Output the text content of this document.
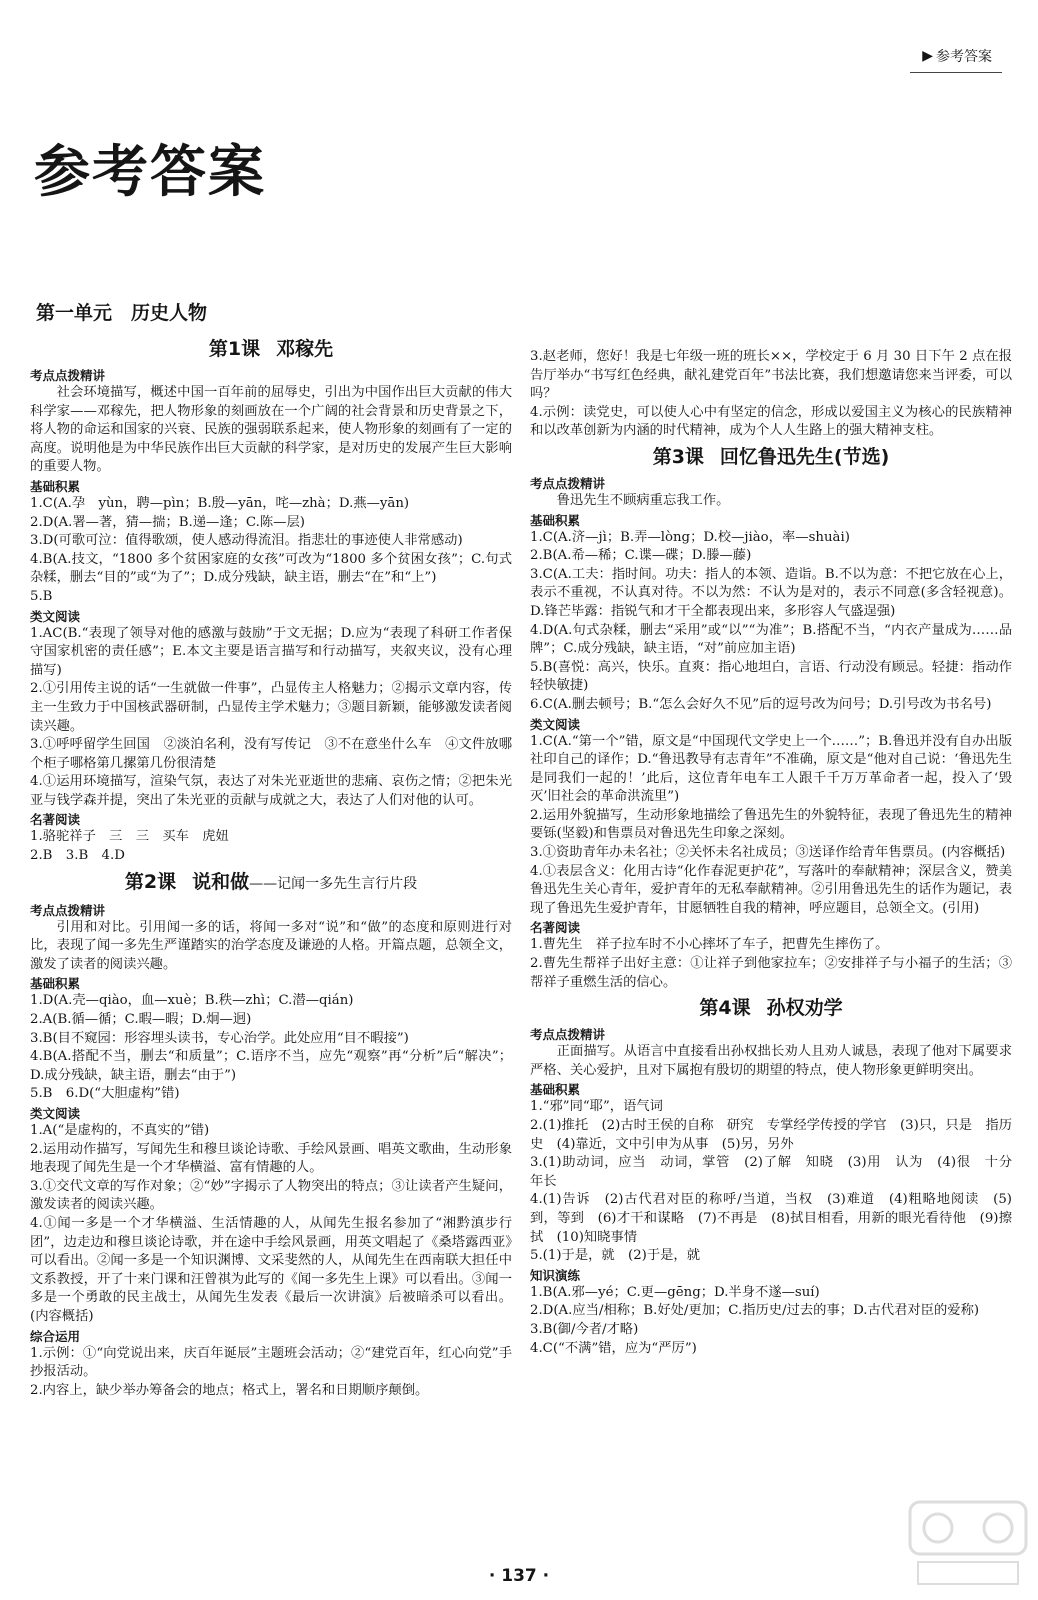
▶ 参考答案
参考答案
第一单元　历史人物
第1课 邓稼先
考点点拨精讲

社会环境描写，概述中国一百年前的屈辱史，引出为中国作出巨大贡献的伟大科学家——邓稼先，把人物形象的刻画放在一个广阔的社会背景和历史背景之下，将人物的命运和国家的兴衰、民族的强弱联系起来，使人物形象的刻画有了一定的高度。说明他是为中华民族作出巨大贡献的科学家，是对历史的发展产生巨大影响的重要人物。

基础积累

1.C(A.孕　yùn，聘—pìn；B.殷—yān，咤—zhà；D.燕—yān)

2.D(A.署—著，猜—揣；B.递—逢；C.陈—层)

3.D(可歌可泣：值得歌颂，使人感动得流泪。指悲壮的事迹使人非常感动)

4.B(A.技文，“1800 多个贫困家庭的女孩”可改为“1800 多个贫困女孩”；C.句式杂糅，删去“目的”或“为了”；D.成分残缺，缺主语，删去“在”和“上”)

5.B

类文阅读

1.AC(B.“表现了领导对他的感激与鼓励”于文无据；D.应为“表现了科研工作者保守国家机密的责任感”；E.本文主要是语言描写和行动描写，夹叙夹议，没有心理描写)

2.①引用传主说的话“一生就做一件事”，凸显传主人格魅力；②揭示文章内容，传主一生致力于中国核武器研制，凸显传主学术魅力；③题目新颖，能够激发读者阅读兴趣。

3.①呼呼留学生回国　②淡泊名利，没有写传记　③不在意坐什么车　④文件放哪个柜子哪格第几摞第几份很清楚

4.①运用环境描写，渲染气氛，表达了对朱光亚逝世的悲痛、哀伤之情；②把朱光亚与钱学森并提，突出了朱光亚的贡献与成就之大，表达了人们对他的认可。

名著阅读

1.骆驼祥子　三　三　买车　虎妞

2.B　3.B　4.D

第2课 说和做——记闻一多先生言行片段
考点点拨精讲

引用和对比。引用闻一多的话，将闻一多对“说”和“做”的态度和原则进行对比，表现了闻一多先生严谨踏实的治学态度及谦逊的人格。开篇点题，总领全文，激发了读者的阅读兴趣。

基础积累

1.D(A.壳—qiào，血—xuè；B.秩—zhì；C.潜—qián)

2.A(B.循—循；C.暇—暇；D.炯—迥)

3.B(目不窥园：形容埋头读书，专心治学。此处应用“目不暇接”)

4.B(A.搭配不当，删去“和质量”；C.语序不当，应先“观察”再“分析”后“解决”；D.成分残缺，缺主语，删去“由于”)

5.B　6.D(“大胆虚构”错)

类文阅读

1.A(“是虚构的，不真实的”错)

2.运用动作描写，写闻先生和穆旦谈论诗歌、手绘风景画、唱英文歌曲，生动形象地表现了闻先生是一个才华横溢、富有情趣的人。

3.①交代文章的写作对象；②“妙”字揭示了人物突出的特点；③让读者产生疑问，激发读者的阅读兴趣。

4.①闻一多是一个才华横溢、生活情趣的人，从闻先生报名参加了“湘黔滇步行团”，边走边和穆旦谈论诗歌，并在途中手绘风景画，用英文唱起了《桑塔露西亚》可以看出。②闻一多是一个知识渊博、文采斐然的人，从闻先生在西南联大担任中文系教授，开了十来门课和汪曾祺为此写的《闻一多先生上课》可以看出。③闻一多是一个勇敢的民主战士，从闻先生发表《最后一次讲演》后被暗杀可以看出。(内容概括)

综合运用

1.示例：①“向党说出来，庆百年诞辰”主题班会活动；②“建党百年，红心向党”手抄报活动。

2.内容上，缺少举办筹备会的地点；格式上，署名和日期顺序颠倒。

3.赵老师，您好！我是七年级一班的班长××，学校定于 6 月 30 日下午 2 点在报告厅举办“书写红色经典，献礼建党百年”书法比赛，我们想邀请您来当评委，可以吗？

4.示例：读党史，可以使人心中有坚定的信念，形成以爱国主义为核心的民族精神和以改革创新为内涵的时代精神，成为个人人生路上的强大精神支柱。

第3课 回忆鲁迅先生(节选)
考点点拨精讲

鲁迅先生不顾病重忘我工作。

基础积累

1.C(A.济—jì；B.弄—lòng；D.校—jiào，率—shuài)

2.B(A.希—稀；C.谍—碟；D.滕—藤)

3.C(A.工夫：指时间。功夫：指人的本领、造诣。B.不以为意：不把它放在心上，表示不重视，不认真对待。不以为然：不认为是对的，表示不同意(多含轻视意)。D.锋芒毕露：指锐气和才干全都表现出来，多形容人气盛逞强)

4.D(A.句式杂糅，删去“采用”或“以”“为准”；B.搭配不当，“内衣产量成为……品牌”；C.成分残缺，缺主语，“对”前应加主语)

5.B(喜悦：高兴，快乐。直爽：指心地坦白，言语、行动没有顾忌。轻捷：指动作轻快敏捷)

6.C(A.删去顿号；B.“怎么会好久不见”后的逗号改为问号；D.引号改为书名号)

类文阅读

1.C(A.“第一个”错，原文是“中国现代文学史上一个……”；B.鲁迅并没有自办出版社印自己的译作；D.“鲁迅教导有志青年”不准确，原文是“他对自己说：‘鲁迅先生是同我们一起的！’此后，这位青年电车工人跟千千万万革命者一起，投入了‘毁灭’旧社会的革命洪流里”)

2.运用外貌描写，生动形象地描绘了鲁迅先生的外貌特征，表现了鲁迅先生的精神要铄(坚毅)和售票员对鲁迅先生印象之深刻。

3.①资助青年办未名社；②关怀未名社成员；③送译作给青年售票员。(内容概括)

4.①表层含义：化用古诗“化作春泥更护花”，写落叶的奉献精神；深层含义，赞美鲁迅先生关心青年，爱护青年的无私奉献精神。②引用鲁迅先生的话作为题记，表现了鲁迅先生爱护青年，甘愿牺牲自我的精神，呼应题目，总领全文。(引用)

名著阅读

1.曹先生　祥子拉车时不小心摔坏了车子，把曹先生摔伤了。

2.曹先生帮祥子出好主意：①让祥子到他家拉车；②安排祥子与小福子的生活；③帮祥子重燃生活的信心。

第4课 孙权劝学
考点点拨精讲

正面描写。从语言中直接看出孙权拙长劝人且劝人诚恳，表现了他对下属要求严格、关心爱护，且对下属抱有殷切的期望的特点，使人物形象更鲜明突出。

基础积累

1.“邪”同“耶”，语气词

2.(1)推托　(2)古时王侯的自称　研究　专掌经学传授的学官　(3)只，只是　指历史　(4)靠近，文中引申为从事　(5)另，另外

3.(1)助动词，应当　动词，掌管　(2)了解　知晓　(3)用　认为　(4)很　十分　年长

4.(1)告诉　(2)古代君对臣的称呼/当道，当权　(3)难道　(4)粗略地阅读　(5)到，等到　(6)才干和谋略　(7)不再是　(8)拭目相看，用新的眼光看待他　(9)擦拭　(10)知晓事情

5.(1)于是，就　(2)于是，就

知识演练

1.B(A.邪—yé；C.更—gēng；D.半身不遂—suí)

2.D(A.应当/相称；B.好处/更加；C.指历史/过去的事；D.古代君对臣的爱称)

3.B(御/今者/才略)

4.C(“不满”错，应为“严厉”)

· 137 ·
